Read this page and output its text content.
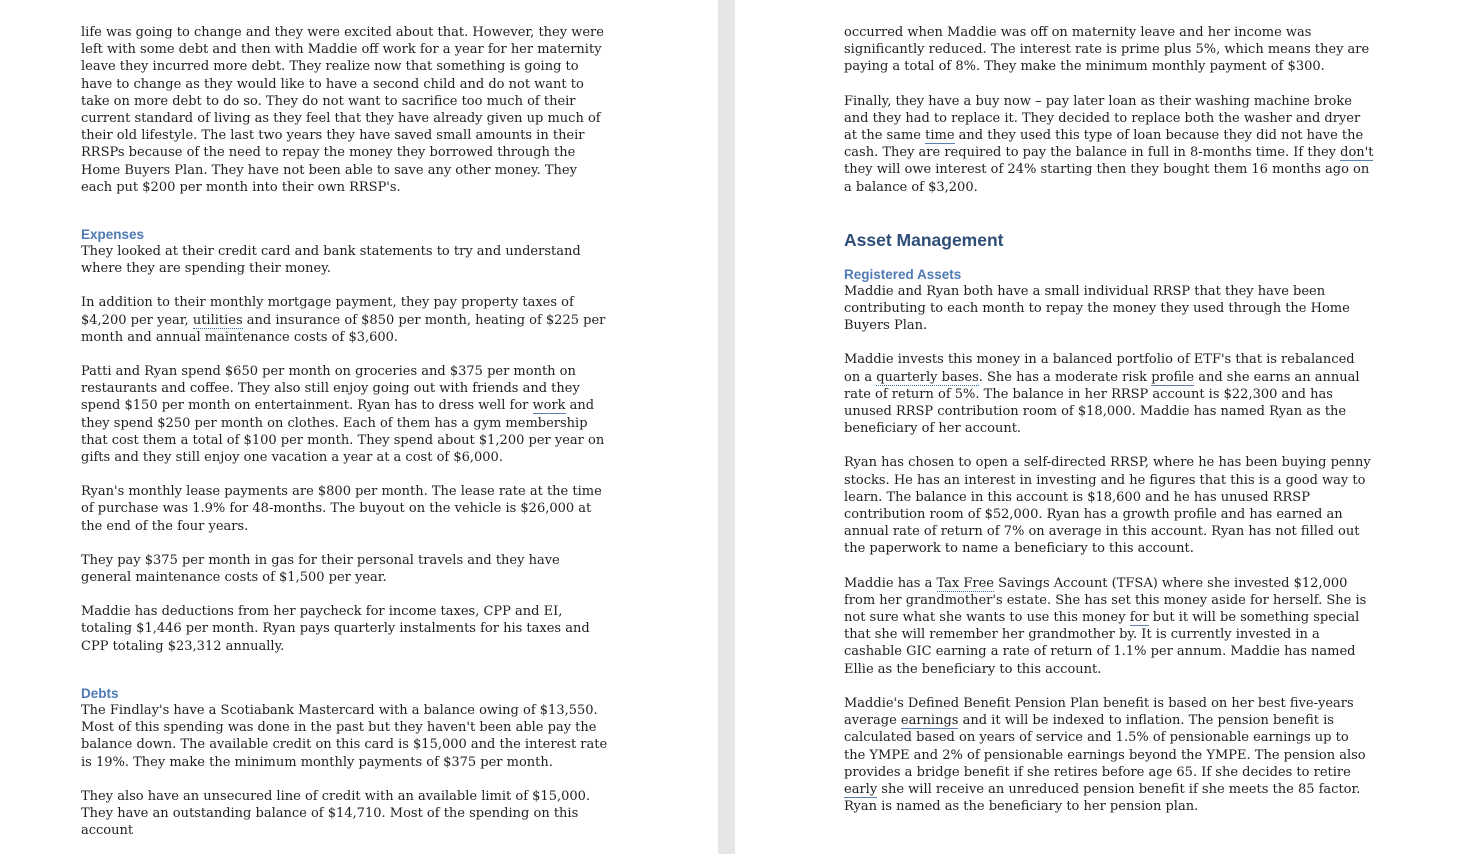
life was going to change and they were excited about that. However, they were left with some debt and then with Maddie off work for a year for her maternity leave they incurred more debt. They realize now that something is going to have to change as they would like to have a second child and do not want to take on more debt to do so. They do not want to sacrifice too much of their current standard of living as they feel that they have already given up much of their old lifestyle. The last two years they have saved small amounts in their RRSPs because of the need to repay the money they borrowed through the Home Buyers Plan. They have not been able to save any other money. They each put $200 per month into their own RRSP's.

Expenses

They looked at their credit card and bank statements to try and understand where they are spending their money.

In addition to their monthly mortgage payment, they pay property taxes of $4,200 per year, utilities and insurance of $850 per month, heating of $225 per month and annual maintenance costs of $3,600.

Patti and Ryan spend $650 per month on groceries and $375 per month on restaurants and coffee. They also still enjoy going out with friends and they spend $150 per month on entertainment. Ryan has to dress well for work and they spend $250 per month on clothes. Each of them has a gym membership that cost them a total of $100 per month. They spend about $1,200 per year on gifts and they still enjoy one vacation a year at a cost of $6,000.

Ryan's monthly lease payments are $800 per month. The lease rate at the time of purchase was 1.9% for 48-months. The buyout on the vehicle is $26,000 at the end of the four years.

They pay $375 per month in gas for their personal travels and they have general maintenance costs of $1,500 per year.

Maddie has deductions from her paycheck for income taxes, CPP and EI, totaling $1,446 per month. Ryan pays quarterly instalments for his taxes and CPP totaling $23,312 annually.

Debts

The Findlay's have a Scotiabank Mastercard with a balance owing of $13,550. Most of this spending was done in the past but they haven't been able pay the balance down. The available credit on this card is $15,000 and the interest rate is 19%. They make the minimum monthly payments of $375 per month.

They also have an unsecured line of credit with an available limit of $15,000. They have an outstanding balance of $14,710. Most of the spending on this account

occurred when Maddie was off on maternity leave and her income was significantly reduced. The interest rate is prime plus 5%, which means they are paying a total of 8%. They make the minimum monthly payment of $300.

Finally, they have a buy now – pay later loan as their washing machine broke and they had to replace it. They decided to replace both the washer and dryer at the same time and they used this type of loan because they did not have the cash. They are required to pay the balance in full in 8-months time. If they don't they will owe interest of 24% starting then they bought them 16 months ago on a balance of $3,200.

Asset Management
Registered Assets

Maddie and Ryan both have a small individual RRSP that they have been contributing to each month to repay the money they used through the Home Buyers Plan.

Maddie invests this money in a balanced portfolio of ETF's that is rebalanced on a quarterly bases. She has a moderate risk profile and she earns an annual rate of return of 5%. The balance in her RRSP account is $22,300 and has unused RRSP contribution room of $18,000. Maddie has named Ryan as the beneficiary of her account.

Ryan has chosen to open a self-directed RRSP, where he has been buying penny stocks. He has an interest in investing and he figures that this is a good way to learn. The balance in this account is $18,600 and he has unused RRSP contribution room of $52,000. Ryan has a growth profile and has earned an annual rate of return of 7% on average in this account. Ryan has not filled out the paperwork to name a beneficiary to this account.

Maddie has a Tax Free Savings Account (TFSA) where she invested $12,000 from her grandmother's estate. She has set this money aside for herself. She is not sure what she wants to use this money for but it will be something special that she will remember her grandmother by. It is currently invested in a cashable GIC earning a rate of return of 1.1% per annum. Maddie has named Ellie as the beneficiary to this account.

Maddie's Defined Benefit Pension Plan benefit is based on her best five-years average earnings and it will be indexed to inflation. The pension benefit is calculated based on years of service and 1.5% of pensionable earnings up to the YMPE and 2% of pensionable earnings beyond the YMPE. The pension also provides a bridge benefit if she retires before age 65. If she decides to retire early she will receive an unreduced pension benefit if she meets the 85 factor. Ryan is named as the beneficiary to her pension plan.
